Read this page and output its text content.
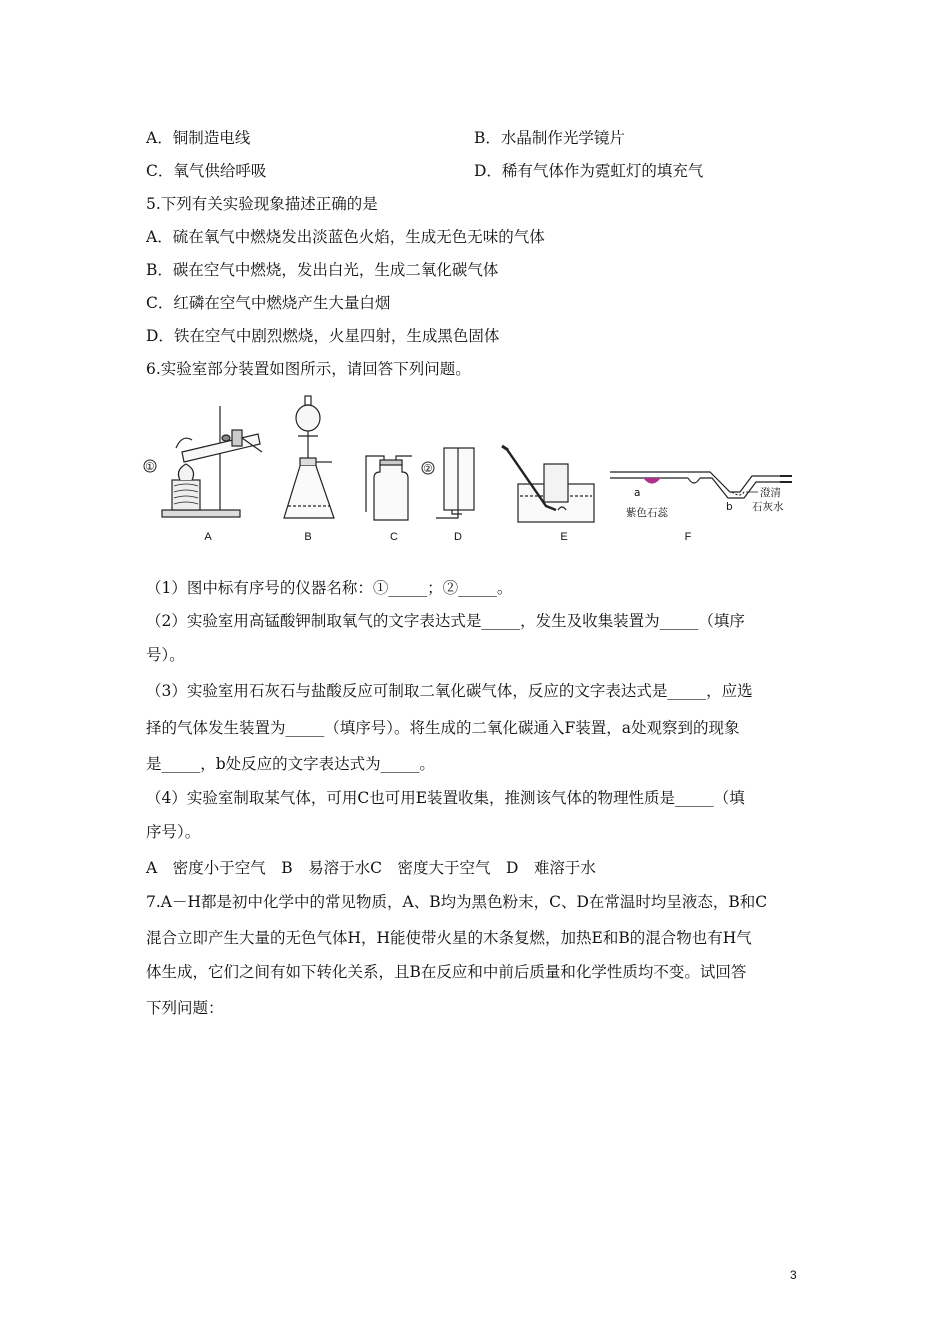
A．铜制造电线	B．水晶制作光学镜片
C．氧气供给呼吸	D．稀有气体作为霓虹灯的填充气
5.下列有关实验现象描述正确的是
A．硫在氧气中燃烧发出淡蓝色火焰，生成无色无味的气体
B．碳在空气中燃烧，发出白光，生成二氧化碳气体
C．红磷在空气中燃烧产生大量白烟
D．铁在空气中剧烈燃烧，火星四射，生成黑色固体
6.实验室部分装置如图所示，请回答下列问题。
①	②
a
b
紫色石蕊
澄清
石灰水
A	B	C	D	E	F
（1）图中标有序号的仪器名称：①_____；②_____。
（2）实验室用高锰酸钾制取氧气的文字表达式是_____，发生及收集装置为_____（填序
号）。
（3）实验室用石灰石与盐酸反应可制取二氧化碳气体，反应的文字表达式是_____，应选
择的气体发生装置为_____（填序号）。将生成的二氧化碳通入F装置，a处观察到的现象
是_____，b处反应的文字表达式为_____。
（4）实验室制取某气体，可用C也可用E装置收集，推测该气体的物理性质是_____（填
序号）。
A　密度小于空气　B　易溶于水C　密度大于空气　D　难溶于水
7.A－H都是初中化学中的常见物质，A、B均为黑色粉末，C、D在常温时均呈液态，B和C
混合立即产生大量的无色气体H，H能使带火星的木条复燃，加热E和B的混合物也有H气
体生成，它们之间有如下转化关系，且B在反应和中前后质量和化学性质均不变。试回答
下列问题：
3
